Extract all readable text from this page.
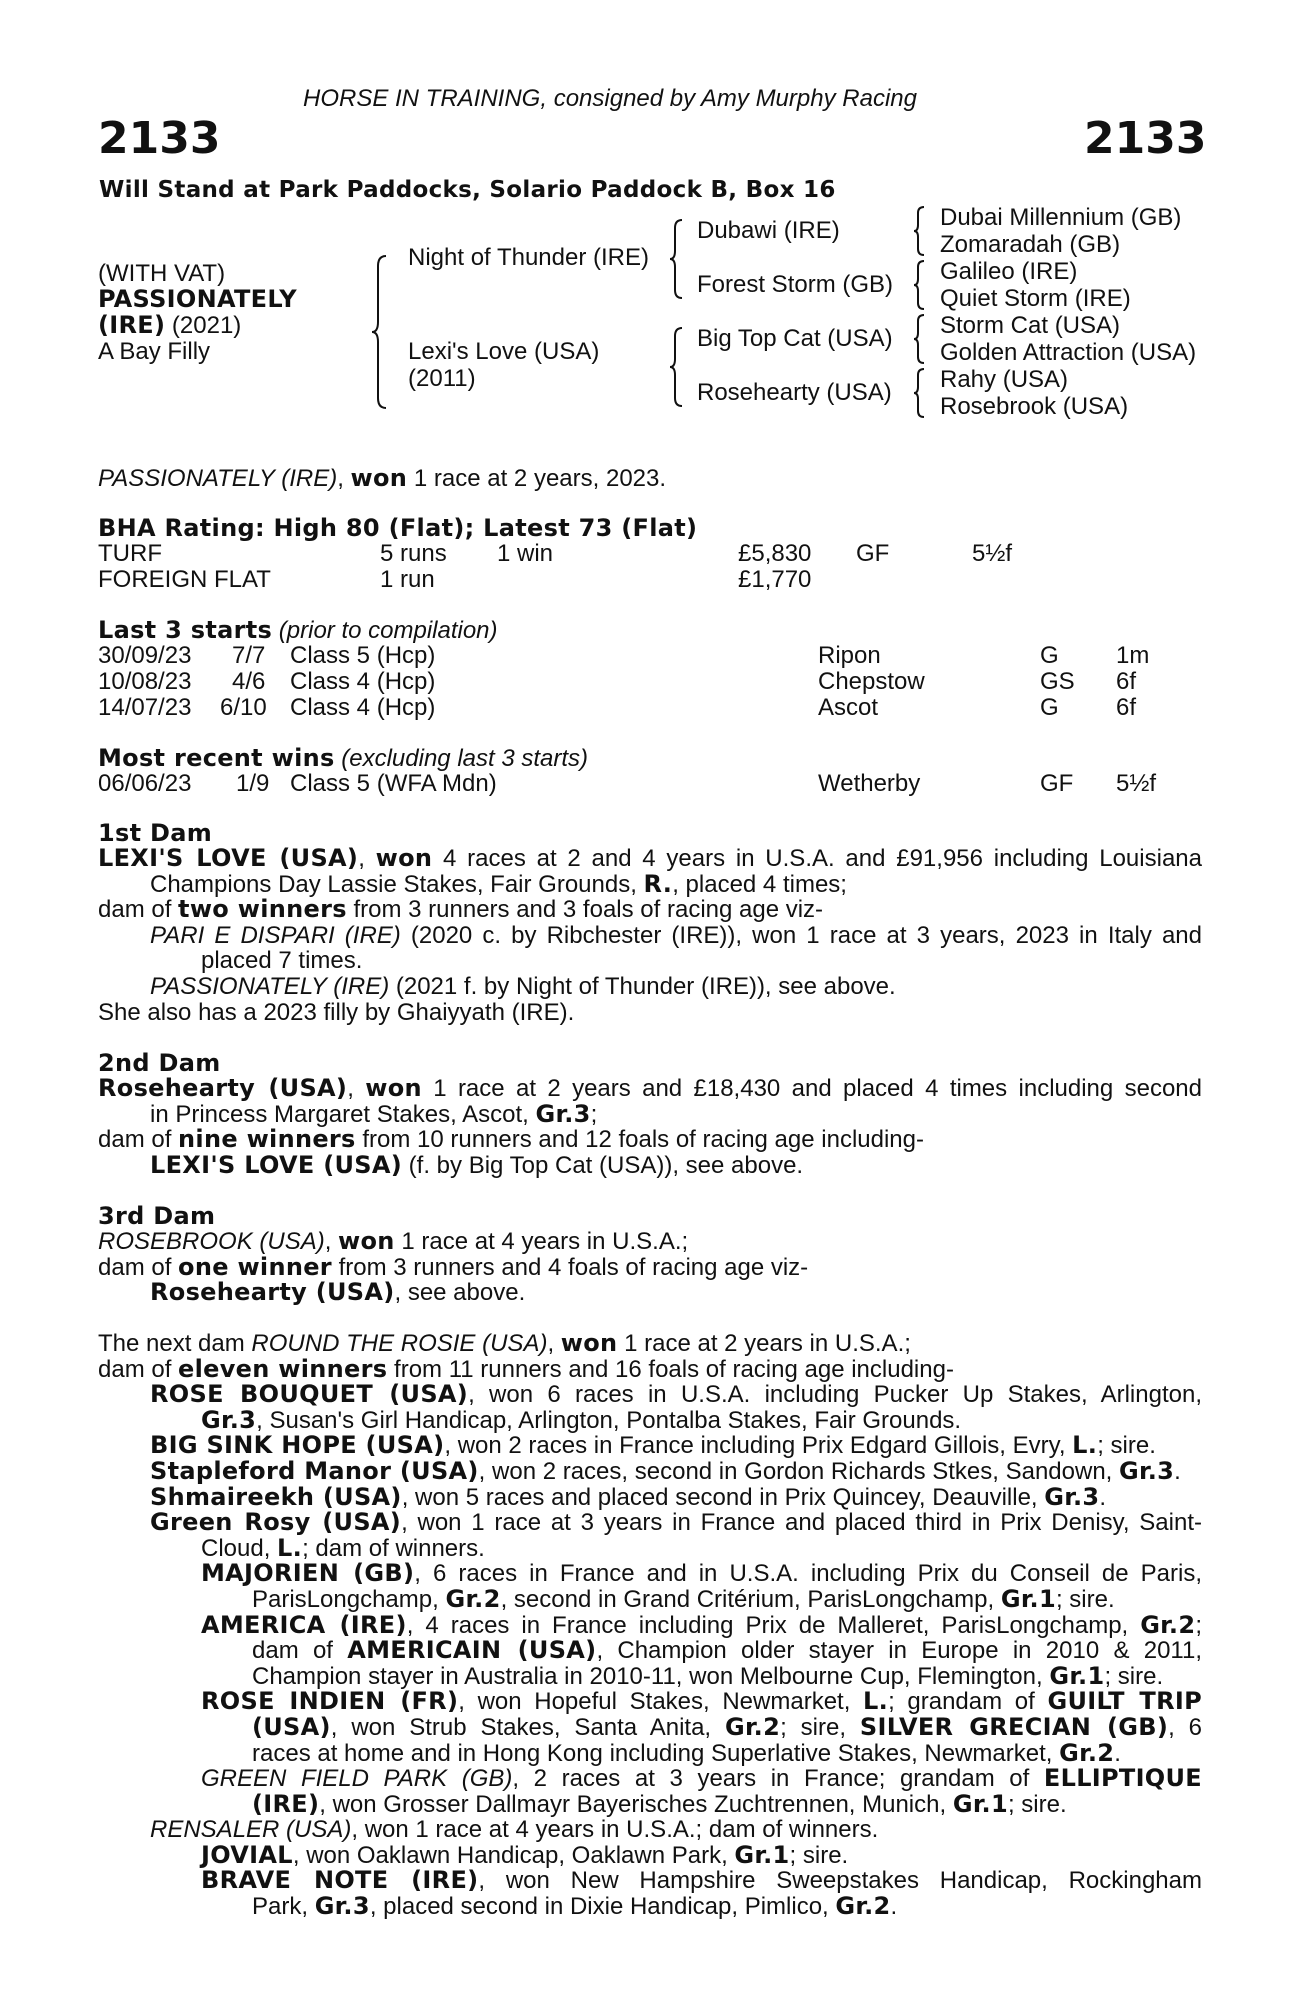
HORSE IN TRAINING, consigned by Amy Murphy Racing
2133	2133
Will Stand at Park Paddocks, Solario Paddock B, Box 16
(WITH VAT)
PASSIONATELY
(IRE) (2021)
A Bay Filly
Night of Thunder (IRE)
Lexi's Love (USA)
(2011)
Dubawi (IRE)
Forest Storm (GB)
Big Top Cat (USA)
Rosehearty (USA)
Dubai Millennium (GB)
Zomaradah (GB)
Galileo (IRE)
Quiet Storm (IRE)
Storm Cat (USA)
Golden Attraction (USA)
Rahy (USA)
Rosebrook (USA)
PASSIONATELY (IRE), won 1 race at 2 years, 2023.
BHA Rating: High 80 (Flat); Latest 73 (Flat)
TURF	5 runs 1 win	£5,830 GF	5½f
FOREIGN FLAT	1 run	£1,770
Last 3 starts (prior to compilation)
30/09/23 7/7 Class 5 (Hcp)	Ripon	G 1m
10/08/23 4/6 Class 4 (Hcp)	Chepstow	GS 6f
14/07/23 6/10 Class 4 (Hcp)	Ascot	G 6f
Most recent wins (excluding last 3 starts)
06/06/23 1/9 Class 5 (WFA Mdn)	Wetherby	GF 5½f
1st Dam
LEXI'S LOVE (USA), won 4 races at 2 and 4 years in U.S.A. and £91,956 including Louisiana
Champions Day Lassie Stakes, Fair Grounds, R., placed 4 times;
dam of two winners from 3 runners and 3 foals of racing age viz-
PARI E DISPARI (IRE) (2020 c. by Ribchester (IRE)), won 1 race at 3 years, 2023 in Italy and
placed 7 times.
PASSIONATELY (IRE) (2021 f. by Night of Thunder (IRE)), see above.
She also has a 2023 filly by Ghaiyyath (IRE).
2nd Dam
Rosehearty (USA), won 1 race at 2 years and £18,430 and placed 4 times including second
in Princess Margaret Stakes, Ascot, Gr.3;
dam of nine winners from 10 runners and 12 foals of racing age including-
LEXI'S LOVE (USA) (f. by Big Top Cat (USA)), see above.
3rd Dam
ROSEBROOK (USA), won 1 race at 4 years in U.S.A.;
dam of one winner from 3 runners and 4 foals of racing age viz-
Rosehearty (USA), see above.
The next dam ROUND THE ROSIE (USA), won 1 race at 2 years in U.S.A.;
dam of eleven winners from 11 runners and 16 foals of racing age including-
ROSE BOUQUET (USA), won 6 races in U.S.A. including Pucker Up Stakes, Arlington,
Gr.3, Susan's Girl Handicap, Arlington, Pontalba Stakes, Fair Grounds.
BIG SINK HOPE (USA), won 2 races in France including Prix Edgard Gillois, Evry, L.; sire.
Stapleford Manor (USA), won 2 races, second in Gordon Richards Stkes, Sandown, Gr.3.
Shmaireekh (USA), won 5 races and placed second in Prix Quincey, Deauville, Gr.3.
Green Rosy (USA), won 1 race at 3 years in France and placed third in Prix Denisy, Saint-
Cloud, L.; dam of winners.
MAJORIEN (GB), 6 races in France and in U.S.A. including Prix du Conseil de Paris,
ParisLongchamp, Gr.2, second in Grand Critérium, ParisLongchamp, Gr.1; sire.
AMERICA (IRE), 4 races in France including Prix de Malleret, ParisLongchamp, Gr.2;
dam of AMERICAIN (USA), Champion older stayer in Europe in 2010 & 2011,
Champion stayer in Australia in 2010-11, won Melbourne Cup, Flemington, Gr.1; sire.
ROSE INDIEN (FR), won Hopeful Stakes, Newmarket, L.; grandam of GUILT TRIP
(USA), won Strub Stakes, Santa Anita, Gr.2; sire, SILVER GRECIAN (GB), 6
races at home and in Hong Kong including Superlative Stakes, Newmarket, Gr.2.
GREEN FIELD PARK (GB), 2 races at 3 years in France; grandam of ELLIPTIQUE
(IRE), won Grosser Dallmayr Bayerisches Zuchtrennen, Munich, Gr.1; sire.
RENSALER (USA), won 1 race at 4 years in U.S.A.; dam of winners.
JOVIAL, won Oaklawn Handicap, Oaklawn Park, Gr.1; sire.
BRAVE NOTE (IRE), won New Hampshire Sweepstakes Handicap, Rockingham
Park, Gr.3, placed second in Dixie Handicap, Pimlico, Gr.2.
